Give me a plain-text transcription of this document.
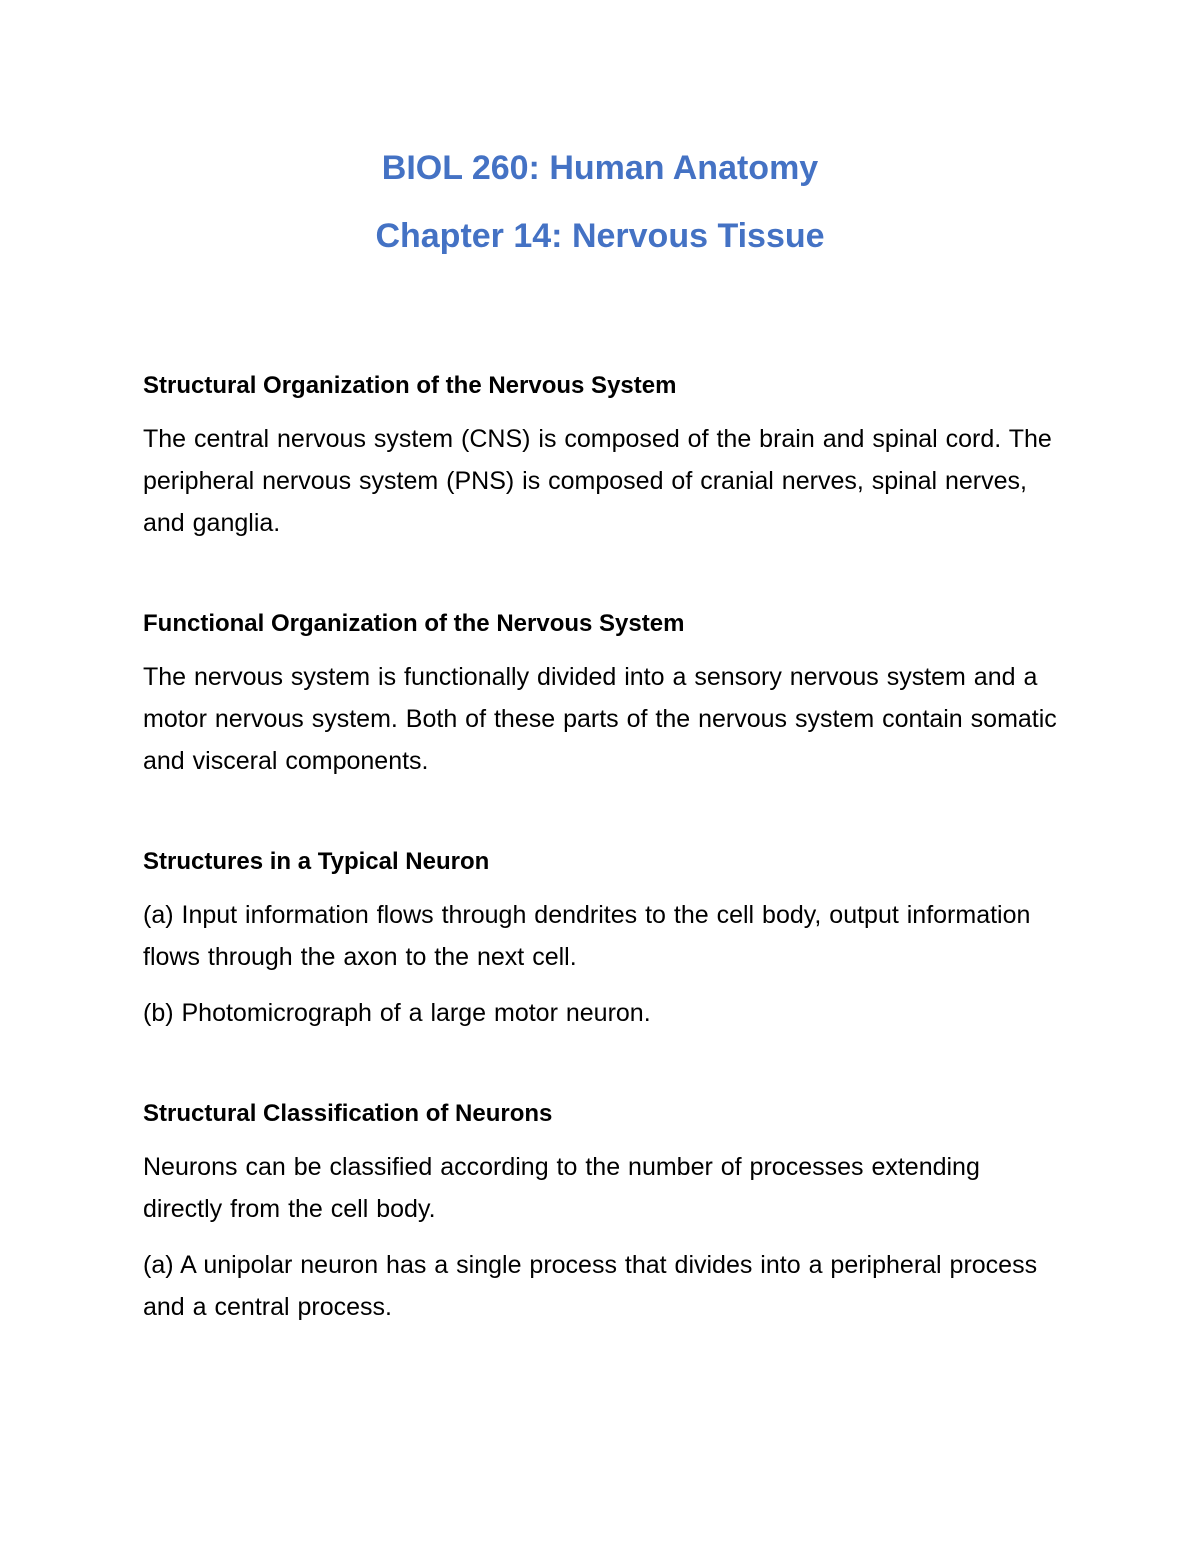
BIOL 260: Human Anatomy
Chapter 14: Nervous Tissue
Structural Organization of the Nervous System

The central nervous system (CNS) is composed of the brain and spinal cord. The peripheral nervous system (PNS) is composed of cranial nerves, spinal nerves, and ganglia.

Functional Organization of the Nervous System

The nervous system is functionally divided into a sensory nervous system and a motor nervous system. Both of these parts of the nervous system contain somatic and visceral components.

Structures in a Typical Neuron

(a) Input information flows through dendrites to the cell body, output information flows through the axon to the next cell.

(b) Photomicrograph of a large motor neuron.

Structural Classification of Neurons

Neurons can be classified according to the number of processes extending directly from the cell body.

(a) A unipolar neuron has a single process that divides into a peripheral process and a central process.
